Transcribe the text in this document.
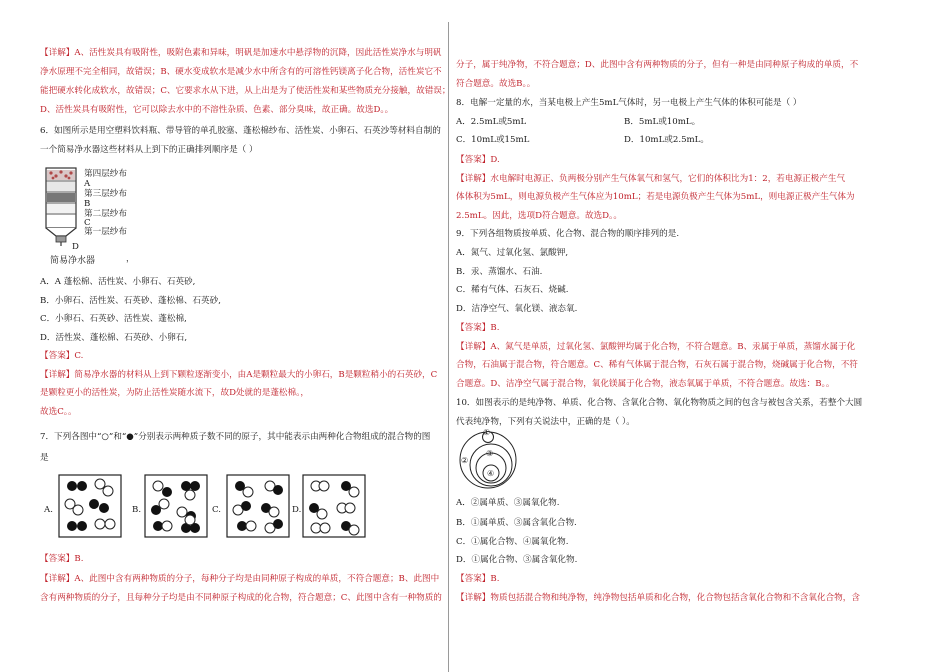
【详解】A、活性炭具有吸附性，吸附色素和异味，明矾是加速水中悬浮物的沉降，因此活性炭净水与明矾
净水原理不完全相同，故错误；B、硬水变成软水是减少水中所含有的可溶性钙镁离子化合物，活性炭它不
能把硬水转化成软水，故错误；C、它要求水从下进，从上出是为了使活性炭和某些物质充分接触，故错误；
D、活性炭具有吸附性，它可以除去水中的不溶性杂质、色素、部分臭味，故正确。故选D。。
6．如图所示是用空塑料饮料瓶、带导管的单孔胶塞、蓬松棉纱布、活性炭、小卵石、石英沙等材料自制的
一个简易净水器这些材料从上到下的正确排列顺序是（ ）
第四层纱布
A
第三层纱布
B
第二层纱布
C
第一层纱布
D
简易净水器	，
A．A 蓬松棉、活性炭、小卵石、石英砂,
B．小卵石、活性炭、石英砂、蓬松棉、石英砂,
C．小卵石、石英砂、活性炭、蓬松棉,
D．活性炭、蓬松棉、石英砂、小卵石,
【答案】C.
【详解】简易净水器的材料从上到下颗粒逐渐变小，由A是颗粒最大的小卵石，B是颗粒稍小的石英砂，C
是颗粒更小的活性炭，为防止活性炭随水流下，故D处就的是蓬松棉。，
故选C。。
7．下列各图中“○”和“●”分别表示两种质子数不同的原子，其中能表示由两种化合物组成的混合物的图
是
A.	B.	C.	D.
【答案】B.
【详解】A、此图中含有两种物质的分子，每种分子均是由同种原子构成的单质，不符合题意；B、此图中
含有两种物质的分子，且每种分子均是由不同种原子构成的化合物，符合题意；C、此图中含有一种物质的
分子，属于纯净物，不符合题意；D、此图中含有两种物质的分子，但有一种是由同种原子构成的单质，不
符合题意。故选B。。
8．电解一定量的水，当某电极上产生5mL气体时，另一电极上产生气体的体积可能是（ ）
A．2.5mL或5mL	B．5mL或10mL。
C．10mL或15mL	D．10mL或2.5mL。
【答案】D.
【详解】水电解时电源正、负两极分别产生气体氧气和氢气，它们的体积比为1：2，若电源正极产生气
体体积为5mL，则电源负极产生气体应为10mL；若是电源负极产生气体为5mL，则电源正极产生气体为
2.5mL。因此，选项D符合题意。故选D。。
9．下列各组物质按单质、化合物、混合物的顺序排列的是.
A．氮气、过氧化氢、氯酸钾,
B．汞、蒸馏水、石油.
C．稀有气体、石灰石、烧碱.
D．洁净空气、氧化镁、液态氧.
【答案】B.
【详解】A、氮气是单质，过氧化氢、氯酸钾均属于化合物，不符合题意。B、汞属于单质，蒸馏水属于化
合物，石油属于混合物，符合题意。C、稀有气体属于混合物，石灰石属于混合物，烧碱属于化合物，不符
合题意。D、洁净空气属于混合物，氧化镁属于化合物，液态氧属于单质，不符合题意。故选：B。。
10．如图表示的是纯净物、单质、化合物、含氧化合物、氧化物物质之间的包含与被包含关系，若整个大圆
代表纯净物，下列有关说法中，正确的是（ ）。
①
②
③
④
A．②属单质、③属氧化物.
B．①属单质、③属含氧化合物.
C．①属化合物、④属氧化物.
D．①属化合物、③属含氧化物.
【答案】B.
【详解】物质包括混合物和纯净物，纯净物包括单质和化合物，化合物包括含氧化合物和不含氧化合物，含
